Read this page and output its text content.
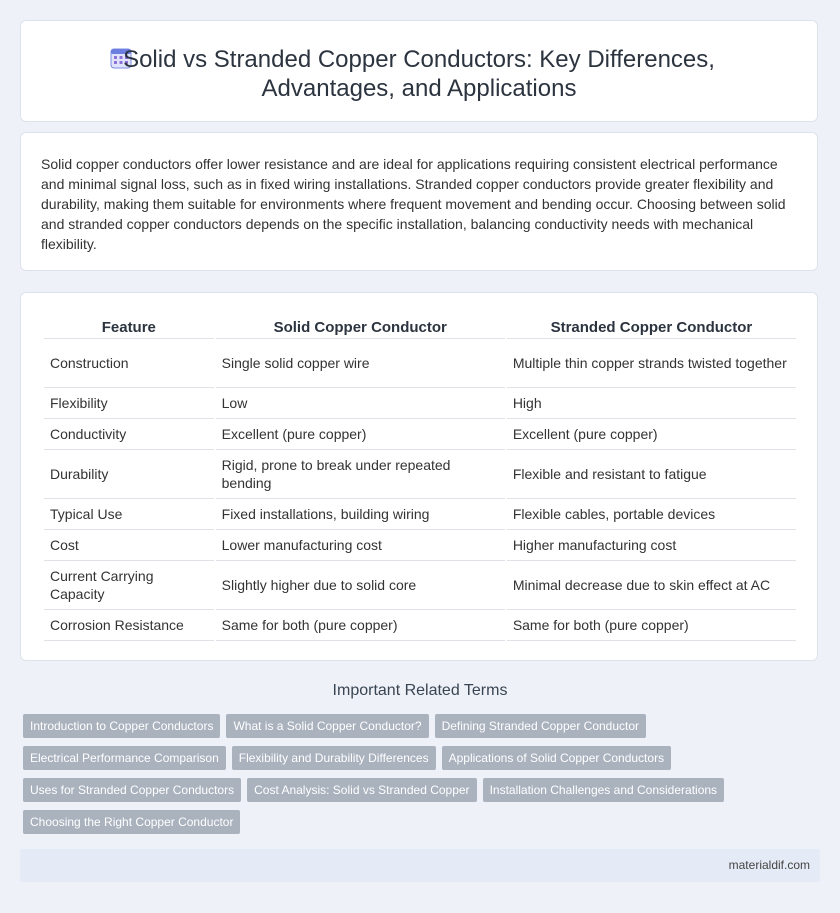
Solid vs Stranded Copper Conductors: Key Differences,
Advantages, and Applications

Solid copper conductors offer lower resistance and are ideal for applications requiring consistent electrical performance and minimal signal loss, such as in fixed wiring installations. Stranded copper conductors provide greater flexibility and durability, making them suitable for environments where frequent movement and bending occur. Choosing between solid and stranded copper conductors depends on the specific installation, balancing conductivity needs with mechanical flexibility.

Feature	Solid Copper Conductor	Stranded Copper Conductor
Construction	Single solid copper wire	Multiple thin copper strands twisted together
Flexibility	Low	High
Conductivity	Excellent (pure copper)	Excellent (pure copper)
Durability	Rigid, prone to break under repeated bending	Flexible and resistant to fatigue
Typical Use	Fixed installations, building wiring	Flexible cables, portable devices
Cost	Lower manufacturing cost	Higher manufacturing cost
Current Carrying Capacity	Slightly higher due to solid core	Minimal decrease due to skin effect at AC
Corrosion Resistance	Same for both (pure copper)	Same for both (pure copper)
Important Related Terms
Introduction to Copper Conductors What is a Solid Copper Conductor? Defining Stranded Copper Conductor
Electrical Performance Comparison Flexibility and Durability Differences Applications of Solid Copper Conductors
Uses for Stranded Copper Conductors Cost Analysis: Solid vs Stranded Copper Installation Challenges and Considerations
Choosing the Right Copper Conductor
materialdif.com
